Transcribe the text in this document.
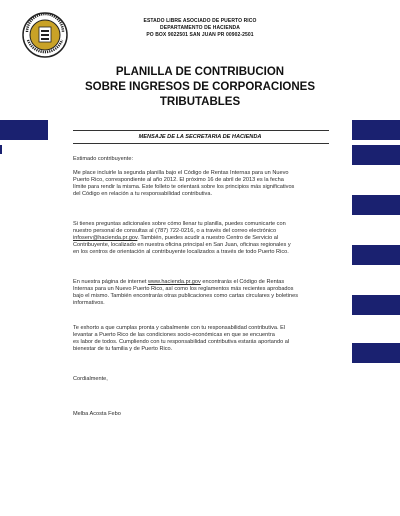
ESTADO LIBRE ASOCIADO DE PUERTO RICO
DEPARTAMENTO DE HACIENDA
PO BOX 9022501 SAN JUAN PR 00902-2501
PLANILLA DE CONTRIBUCION
SOBRE INGRESOS DE CORPORACIONES
TRIBUTABLES
MENSAJE DE LA SECRETARIA DE HACIENDA
Estimado contribuyente:
Me place incluirle la segunda planilla bajo el Código de Rentas Internas para un Nuevo
Puerto Rico, correspondiente al año 2012. El próximo 16 de abril de 2013 es la fecha
límite para rendir la misma. Este folleto te orientará sobre los principios más significativos
del Código en relación a tu responsabilidad contributiva.
Si tienes preguntas adicionales sobre cómo llenar tu planilla, puedes comunicarte con
nuestro personal de consultas al (787) 722-0216, o a través del correo electrónico
infoserv@hacienda.pr.gov. También, puedes acudir a nuestro Centro de Servicio al
Contribuyente, localizado en nuestra oficina principal en San Juan, oficinas regionales y
en los centros de orientación al contribuyente localizados a través de todo Puerto Rico.
En nuestra página de internet www.hacienda.pr.gov encontrarás el Código de Rentas
Internas para un Nuevo Puerto Rico, así como los reglamentos más recientes aprobados
bajo el mismo. También encontrarás otras publicaciones como cartas circulares y boletines
informativos.
Te exhorto a que cumplas pronta y cabalmente con tu responsabilidad contributiva. El
levantar a Puerto Rico de las condiciones socio-económicas en que se encuentra
es labor de todos. Cumpliendo con tu responsabilidad contributiva estarás aportando al
bienestar de tu familia y de Puerto Rico.
Cordialmente,
Melba Acosta Febo
